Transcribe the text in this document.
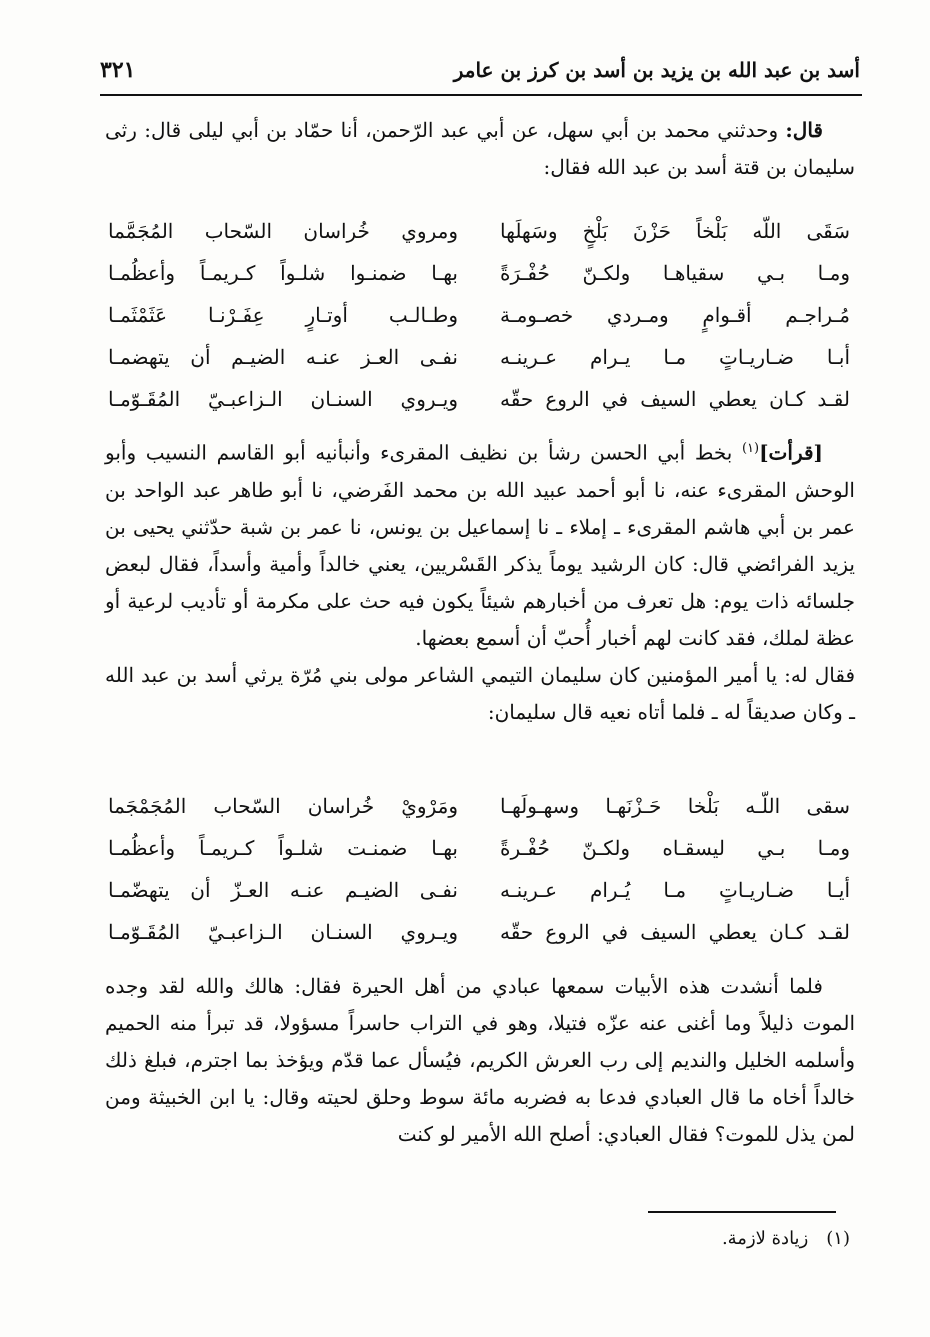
أسد بن عبد الله بن يزيد بن أسد بن كرز بن عامر
٣٢١

قال: وحدثني محمد بن أبي سهل، عن أبي عبد الرّحمن، أنا حمّاد بن أبي ليلى قال: رثى سليمان بن قتة أسد بن عبد الله فقال:

سَقَى اللّه بَلْخاً حَزْنَ بَلْخٍ وسَهلَها
ومروي خُراسان السّحاب المُجَمَّما
ومـا بـي سقياهـا ولكـنّ حُفْـرَةً
بهـا ضمنـوا شلـواً كـريمـاً وأعظُمـا
مُـراجـم أقـوامٍ ومـردي خصـومـة
وطـالـب أوتـارٍ عِفَـرْنـا عَثَمْثَمـا
أبـا ضـاريـاتٍ مـا يـرام عـرينـه
نفـى العـز عنـه الضيـم أن يتهضمـا
لقـد كـان يعطي السيف في الروع حقّه
ويـروي السنـان الـزاعبـيّ المُقَـوّمـا

[قرأت]$^{(١)}$ بخط أبي الحسن رشأ بن نظيف المقرىء وأنبأنيه أبو القاسم النسيب وأبو الوحش المقرىء عنه، نا أبو أحمد عبيد الله بن محمد الفَرضي، نا أبو طاهر عبد الواحد بن عمر بن أبي هاشم المقرىء ـ إملاء ـ نا إسماعيل بن يونس، نا عمر بن شبة حدّثني يحيى بن يزيد الفرائضي قال: كان الرشيد يوماً يذكر القَسْريين، يعني خالداً وأمية وأسداً، فقال لبعض جلسائه ذات يوم: هل تعرف من أخبارهم شيئاً يكون فيه حث على مكرمة أو تأديب لرعية أو عظة لملك، فقد كانت لهم أخبار أُحبّ أن أسمع بعضها.

فقال له: يا أمير المؤمنين كان سليمان التيمي الشاعر مولى بني مُرّة يرثي أسد بن عبد الله ـ وكان صديقاً له ـ فلما أتاه نعيه قال سليمان:

سقى اللّـه بَلْخا حَـزْنَهـا وسهـولَهـا
ومَرْويْ خُراسان السّحاب المُجَمْجَما
ومـا بـي ليسقـاه ولكـنّ حُفْـرةً
بهـا ضمنـت شلـواً كـريمـاً وأعظُمـا
أيـا ضـاريـاتٍ مـا يُـرام عـرينـه
نفـى الضيـم عنـه العـزّ أن يتهضّمـا
لقـد كـان يعطي السيف في الروع حقّه
ويـروي السنـان الـزاعبـيّ المُقَـوّمـا

فلما أنشدت هذه الأبيات سمعها عبادي من أهل الحيرة فقال: هالك والله لقد وجده الموت ذليلاً وما أغنى عنه عزّه فتيلا، وهو في التراب حاسراً مسؤولا، قد تبرأ منه الحميم وأسلمه الخليل والنديم إلى رب العرش الكريم، فيُسأل عما قدّم ويؤخذ بما اجترم، فبلغ ذلك خالداً أخاه ما قال العبادي فدعا به فضربه مائة سوط وحلق لحيته وقال: يا ابن الخبيثة ومن لمن يذل للموت؟ فقال العبادي: أصلح الله الأمير لو كنت

(١)زيادة لازمة.
